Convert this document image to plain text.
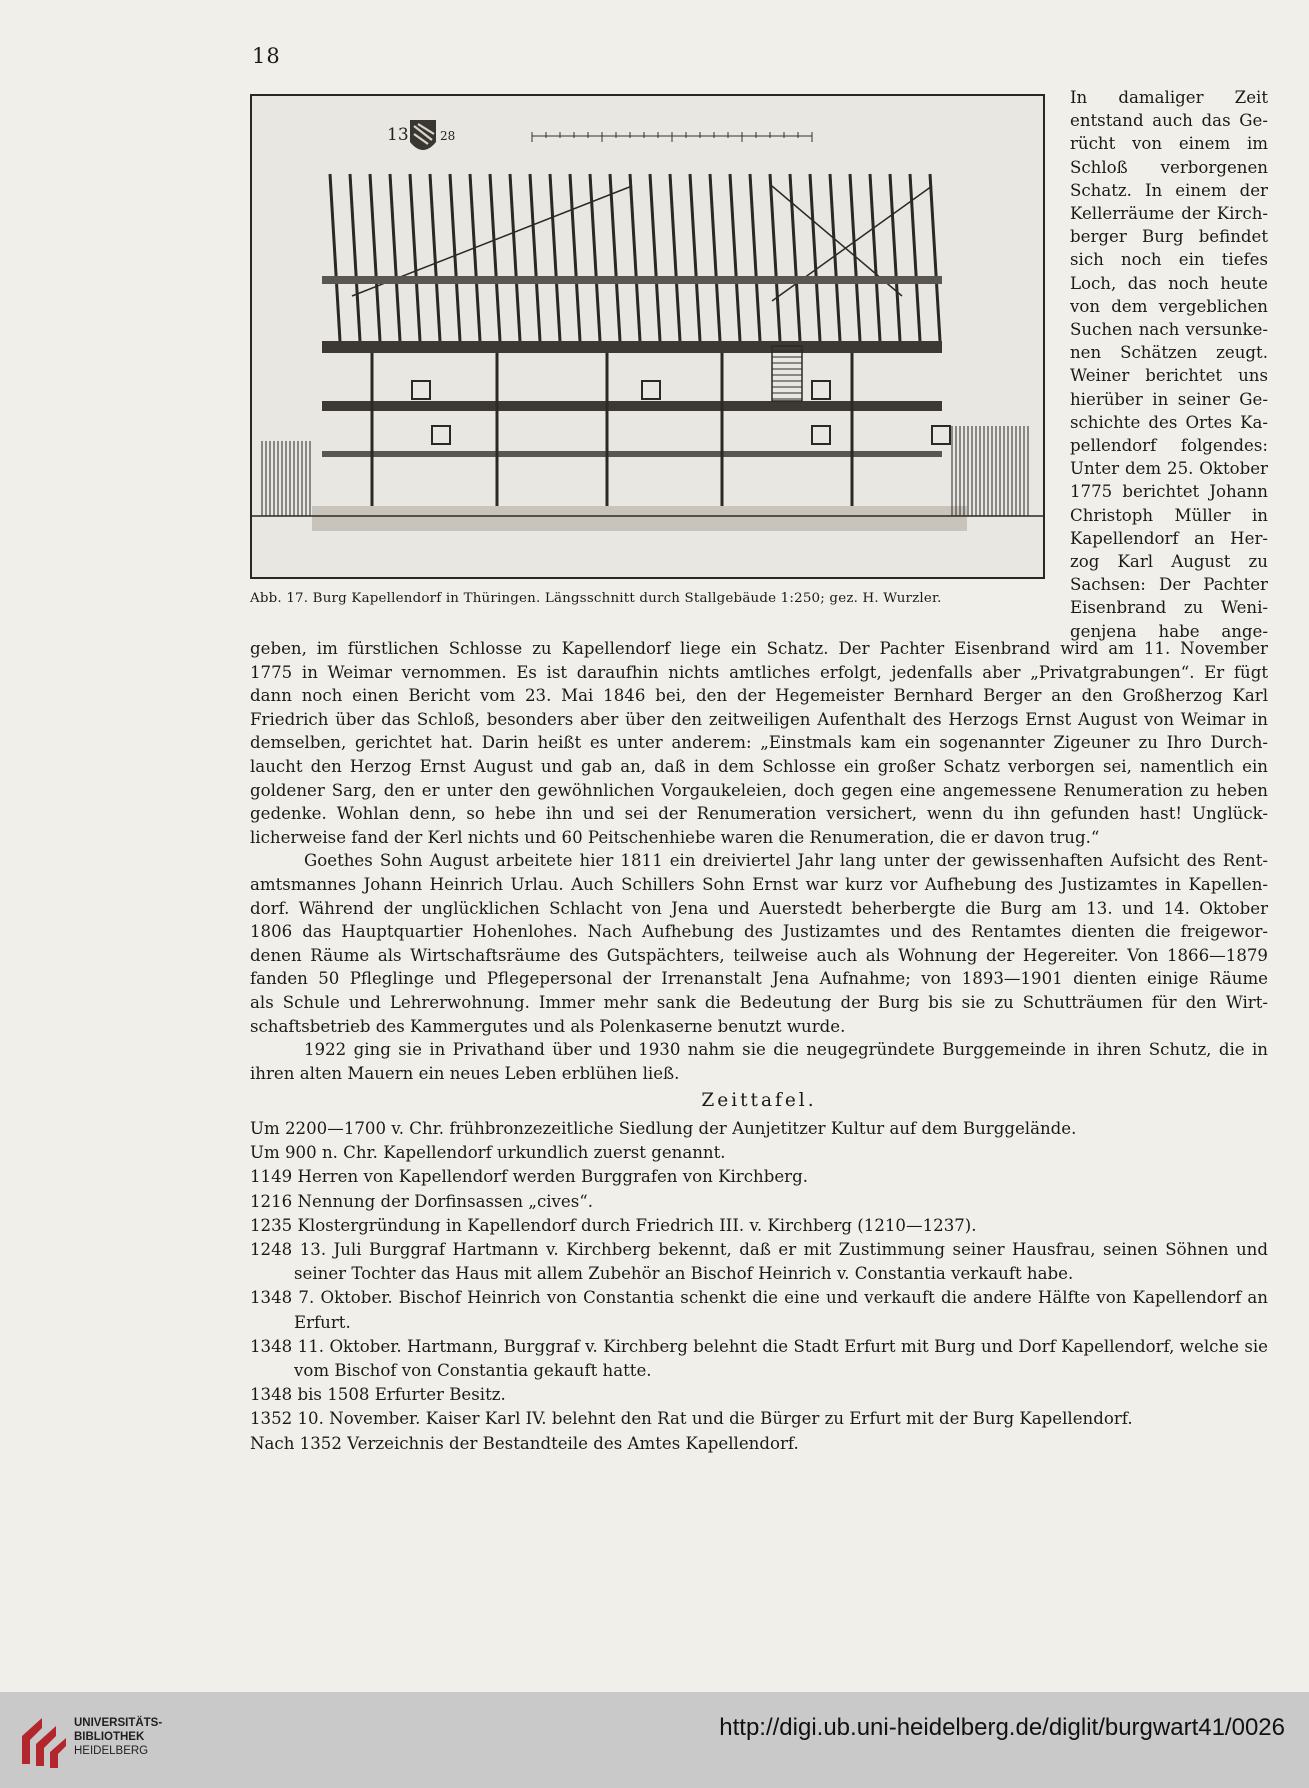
18
13	28
Abb. 17. Burg Kapellendorf in Thüringen. Längsschnitt durch Stallgebäude 1:250; gez. H. Wurzler.
In damaliger Zeit
entstand auch das Ge-
rücht von einem im
Schloß verborgenen
Schatz. In einem der
Kellerräume der Kirch-
berger Burg befindet
sich noch ein tiefes
Loch, das noch heute
von dem vergeblichen
Suchen nach versunke-
nen Schätzen zeugt.
Weiner berichtet uns
hierüber in seiner Ge-
schichte des Ortes Ka-
pellendorf folgendes:
Unter dem 25. Oktober
1775 berichtet Johann
Christoph Müller in
Kapellendorf an Her-
zog Karl August zu
Sachsen: Der Pachter
Eisenbrand zu Weni-
genjena habe ange-
geben, im fürstlichen Schlosse zu Kapellendorf liege ein Schatz. Der Pachter Eisenbrand wird am 11. November
1775 in Weimar vernommen. Es ist daraufhin nichts amtliches erfolgt, jedenfalls aber „Privatgrabungen“. Er fügt
dann noch einen Bericht vom 23. Mai 1846 bei, den der Hegemeister Bernhard Berger an den Großherzog Karl
Friedrich über das Schloß, besonders aber über den zeitweiligen Aufenthalt des Herzogs Ernst August von Weimar in
demselben, gerichtet hat. Darin heißt es unter anderem: „Einstmals kam ein sogenannter Zigeuner zu Ihro Durch-
laucht den Herzog Ernst August und gab an, daß in dem Schlosse ein großer Schatz verborgen sei, namentlich ein
goldener Sarg, den er unter den gewöhnlichen Vorgaukeleien, doch gegen eine angemessene Renumeration zu heben
gedenke. Wohlan denn, so hebe ihn und sei der Renumeration versichert, wenn du ihn gefunden hast! Unglück-
licherweise fand der Kerl nichts und 60 Peitschenhiebe waren die Renumeration, die er davon trug.“
Goethes Sohn August arbeitete hier 1811 ein dreiviertel Jahr lang unter der gewissenhaften Aufsicht des Rent-
amtsmannes Johann Heinrich Urlau. Auch Schillers Sohn Ernst war kurz vor Aufhebung des Justizamtes in Kapellen-
dorf. Während der unglücklichen Schlacht von Jena und Auerstedt beherbergte die Burg am 13. und 14. Oktober
1806 das Hauptquartier Hohenlohes. Nach Aufhebung des Justizamtes und des Rentamtes dienten die freigewor-
denen Räume als Wirtschaftsräume des Gutspächters, teilweise auch als Wohnung der Hegereiter. Von 1866—1879
fanden 50 Pfleglinge und Pflegepersonal der Irrenanstalt Jena Aufnahme; von 1893—1901 dienten einige Räume
als Schule und Lehrerwohnung. Immer mehr sank die Bedeutung der Burg bis sie zu Schutträumen für den Wirt-
schaftsbetrieb des Kammergutes und als Polenkaserne benutzt wurde.
1922 ging sie in Privathand über und 1930 nahm sie die neugegründete Burggemeinde in ihren Schutz, die in
ihren alten Mauern ein neues Leben erblühen ließ.
Zeittafel.
Um 2200—1700 v. Chr. frühbronzezeitliche Siedlung der Aunjetitzer Kultur auf dem Burggelände.
Um 900 n. Chr. Kapellendorf urkundlich zuerst genannt.
1149 Herren von Kapellendorf werden Burggrafen von Kirchberg.
1216 Nennung der Dorfinsassen „cives“.
1235 Klostergründung in Kapellendorf durch Friedrich III. v. Kirchberg (1210—1237).
1248 13. Juli Burggraf Hartmann v. Kirchberg bekennt, daß er mit Zustimmung seiner Hausfrau, seinen Söhnen und seiner Tochter das Haus mit allem Zubehör an Bischof Heinrich v. Constantia verkauft habe.
1348 7. Oktober. Bischof Heinrich von Constantia schenkt die eine und verkauft die andere Hälfte von Kapellendorf an Erfurt.
1348 11. Oktober. Hartmann, Burggraf v. Kirchberg belehnt die Stadt Erfurt mit Burg und Dorf Kapellendorf, welche sie vom Bischof von Constantia gekauft hatte.
1348 bis 1508 Erfurter Besitz.
1352 10. November. Kaiser Karl IV. belehnt den Rat und die Bürger zu Erfurt mit der Burg Kapellendorf.
Nach 1352 Verzeichnis der Bestandteile des Amtes Kapellendorf.
UNIVERSITÄTS-
BIBLIOTHEK
HEIDELBERG
http://digi.ub.uni-heidelberg.de/diglit/burgwart41/0026
